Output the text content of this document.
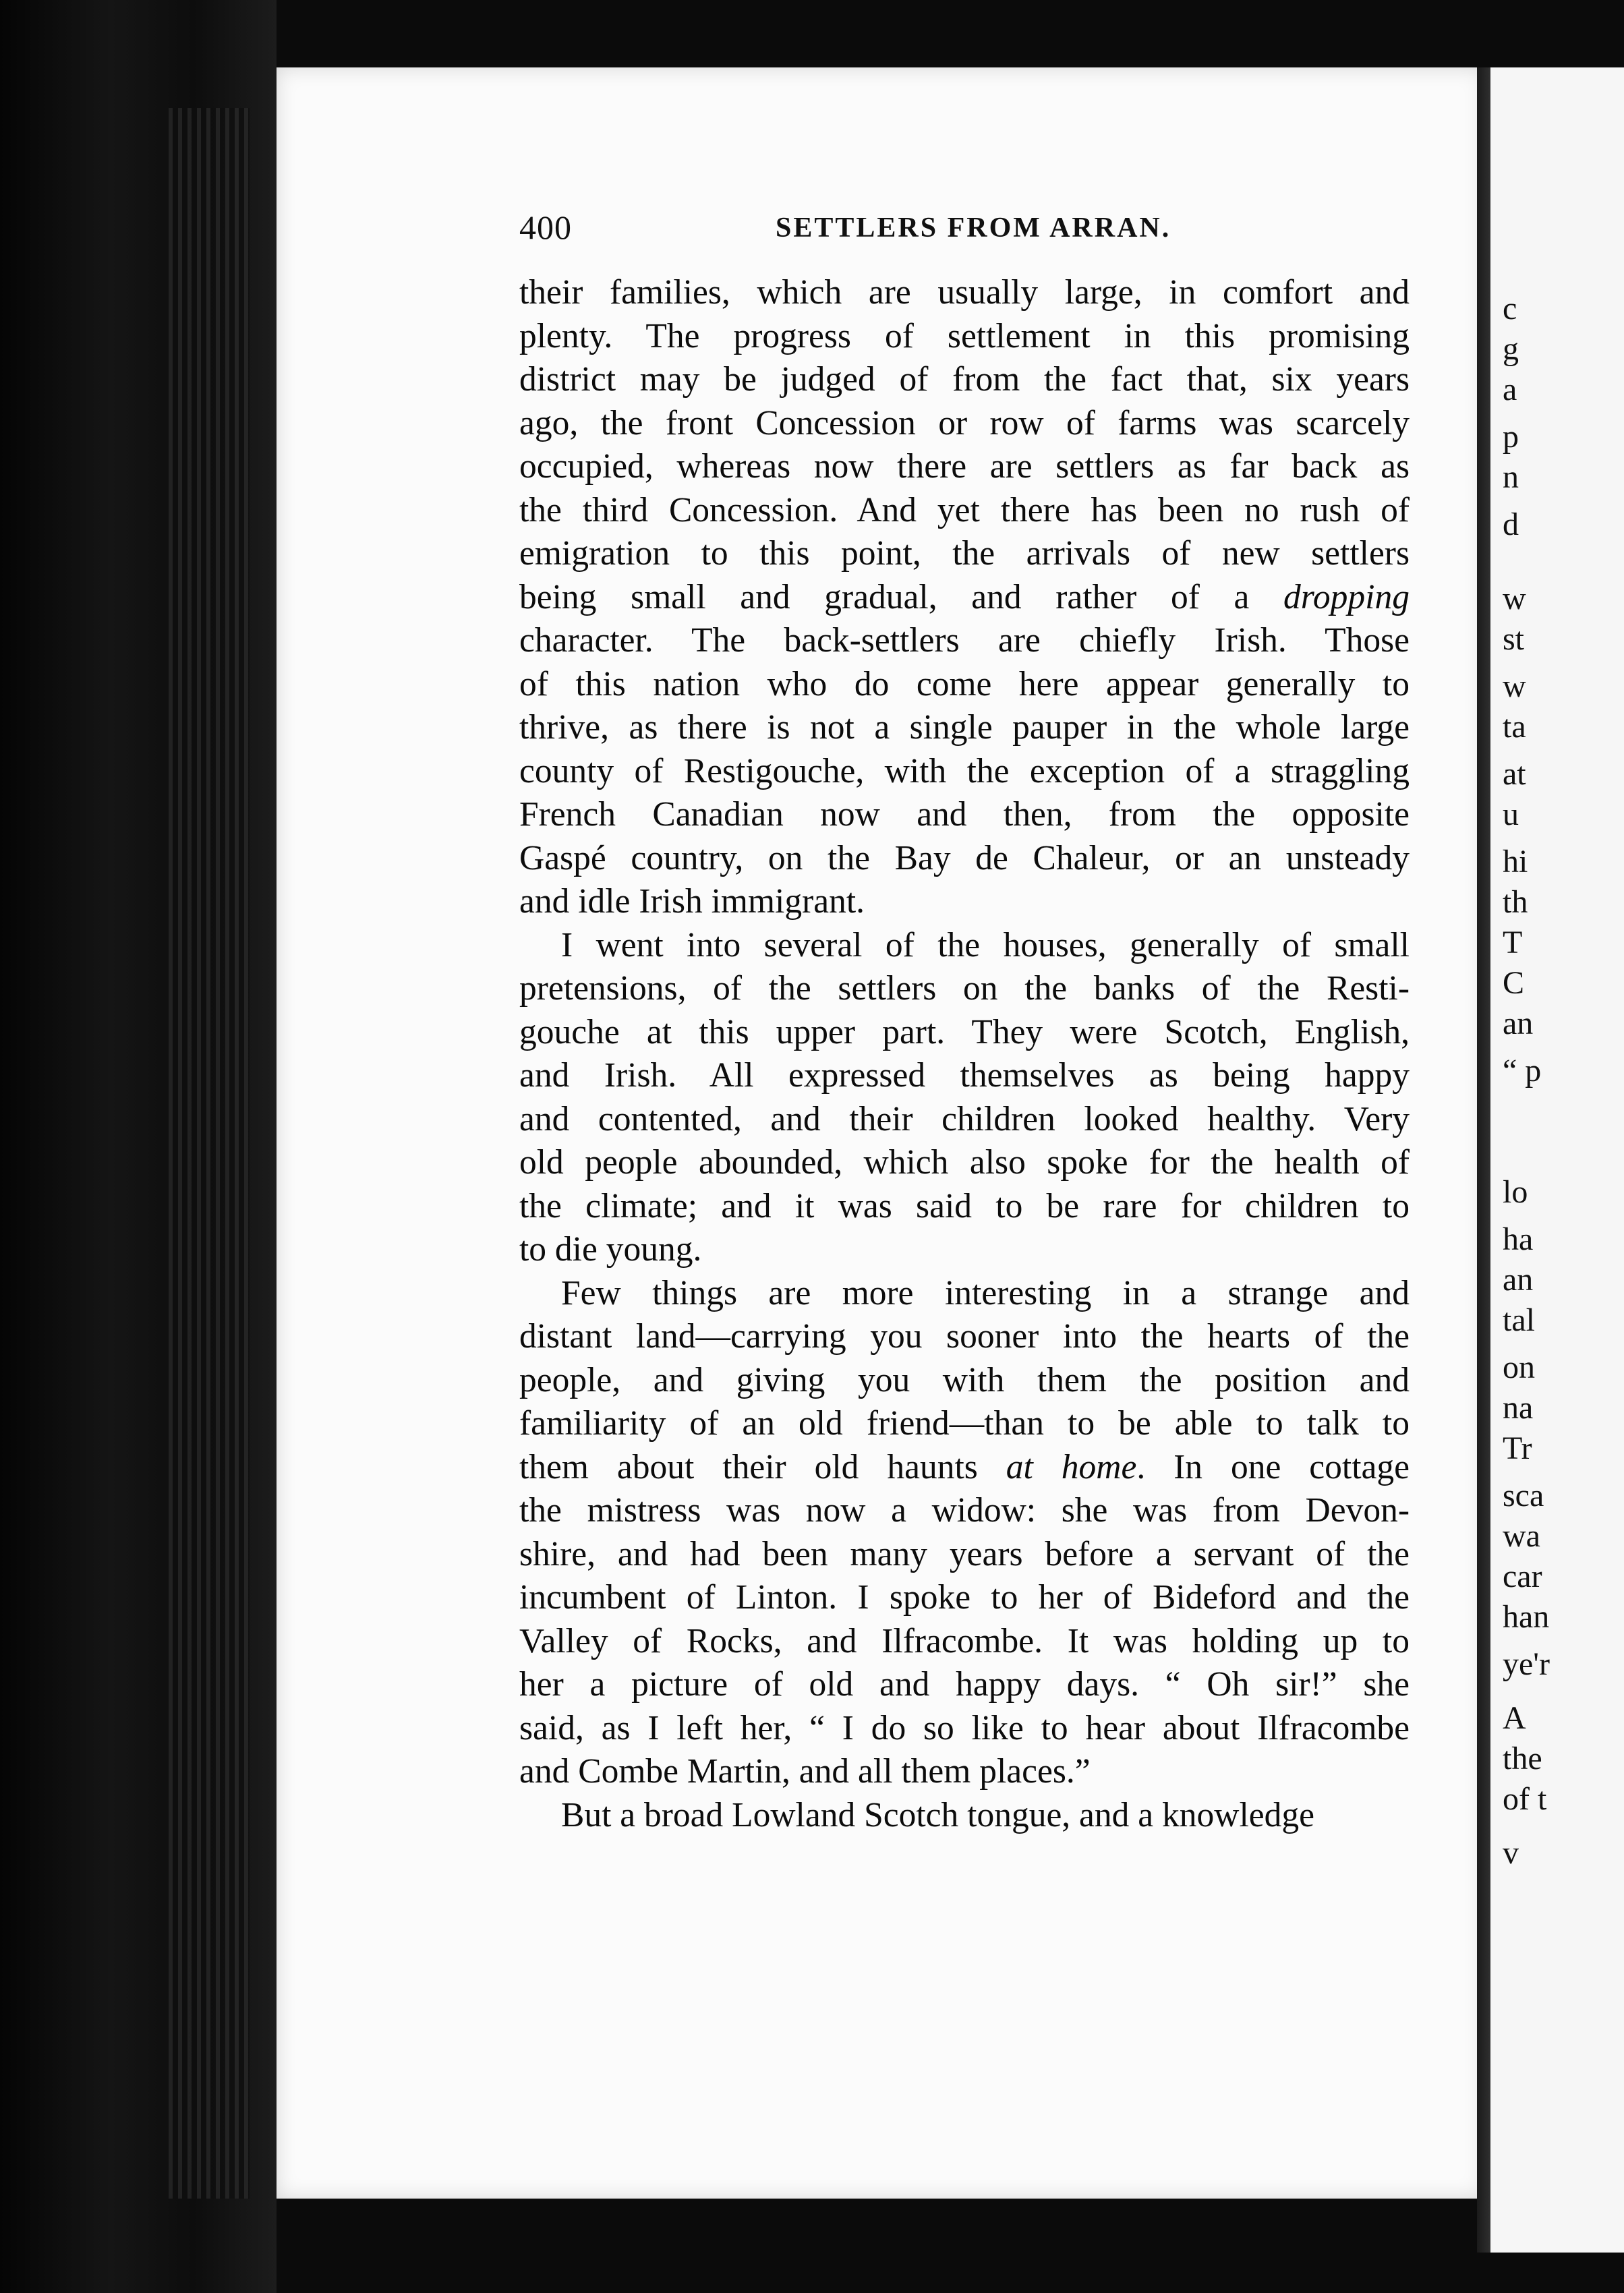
c
g
a
p
n
d
w
st
w
ta
at
u
hi
th
T
C
an
“ p
lo
ha
an
tal
on
na
Tr
sca
wa
car
han
ye'r
A
the
of t
v
400	SETTLERS FROM ARRAN.
their families, which are usually large, in comfort and
plenty. The progress of settlement in this promising
district may be judged of from the fact that, six years
ago, the front Concession or row of farms was scarcely
occupied, whereas now there are settlers as far back as
the third Concession. And yet there has been no rush of
emigration to this point, the arrivals of new settlers
being small and gradual, and rather of a dropping
character. The back-settlers are chiefly Irish. Those
of this nation who do come here appear generally to
thrive, as there is not a single pauper in the whole large
county of Restigouche, with the exception of a straggling
French Canadian now and then, from the opposite
Gaspé country, on the Bay de Chaleur, or an unsteady
and idle Irish immigrant.
I went into several of the houses, generally of small
pretensions, of the settlers on the banks of the Resti-
gouche at this upper part. They were Scotch, English,
and Irish. All expressed themselves as being happy
and contented, and their children looked healthy. Very
old people abounded, which also spoke for the health of
the climate; and it was said to be rare for children to
to die young.
Few things are more interesting in a strange and
distant land—carrying you sooner into the hearts of the
people, and giving you with them the position and
familiarity of an old friend—than to be able to talk to
them about their old haunts at home. In one cottage
the mistress was now a widow: she was from Devon-
shire, and had been many years before a servant of the
incumbent of Linton. I spoke to her of Bideford and the
Valley of Rocks, and Ilfracombe. It was holding up to
her a picture of old and happy days. “ Oh sir!” she
said, as I left her, “ I do so like to hear about Ilfracombe
and Combe Martin, and all them places.”
But a broad Lowland Scotch tongue, and a knowledge
